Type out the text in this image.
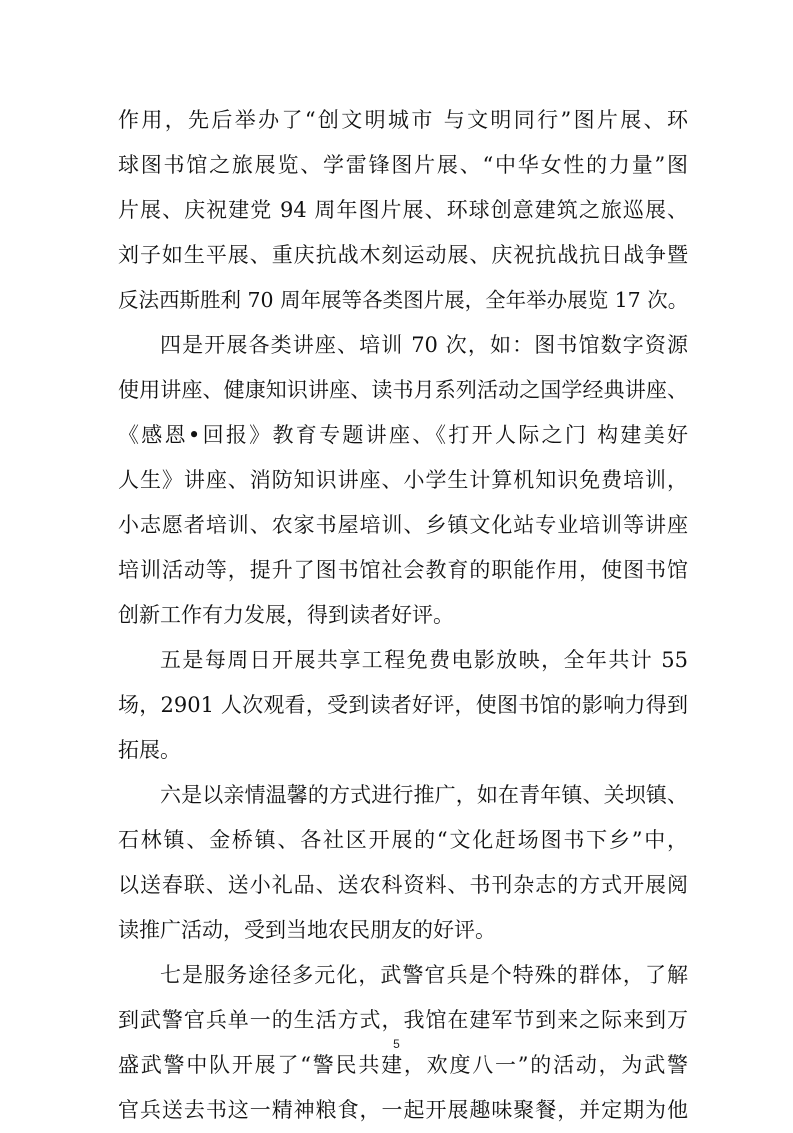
作用，先后举办了“创文明城市 与文明同行”图片展、环
球图书馆之旅展览、学雷锋图片展、“中华女性的力量”图
片展、庆祝建党 94 周年图片展、环球创意建筑之旅巡展、
刘子如生平展、重庆抗战木刻运动展、庆祝抗战抗日战争暨
反法西斯胜利 70 周年展等各类图片展，全年举办展览 17 次。
四是开展各类讲座、培训 70 次，如：图书馆数字资源
使用讲座、健康知识讲座、读书月系列活动之国学经典讲座、
《感恩•回报》教育专题讲座、《打开人际之门 构建美好
人生》讲座、消防知识讲座、小学生计算机知识免费培训，
小志愿者培训、农家书屋培训、乡镇文化站专业培训等讲座
培训活动等，提升了图书馆社会教育的职能作用，使图书馆
创新工作有力发展，得到读者好评。
五是每周日开展共享工程免费电影放映，全年共计 55
场，2901 人次观看，受到读者好评，使图书馆的影响力得到
拓展。
六是以亲情温馨的方式进行推广，如在青年镇、关坝镇、
石林镇、金桥镇、各社区开展的“文化赶场图书下乡”中，
以送春联、送小礼品、送农科资料、书刊杂志的方式开展阅
读推广活动，受到当地农民朋友的好评。
七是服务途径多元化，武警官兵是个特殊的群体，了解
到武警官兵单一的生活方式，我馆在建军节到来之际来到万
盛武警中队开展了“警民共建，欢度八一”的活动，为武警
官兵送去书这一精神粮食，一起开展趣味聚餐，并定期为他
5
